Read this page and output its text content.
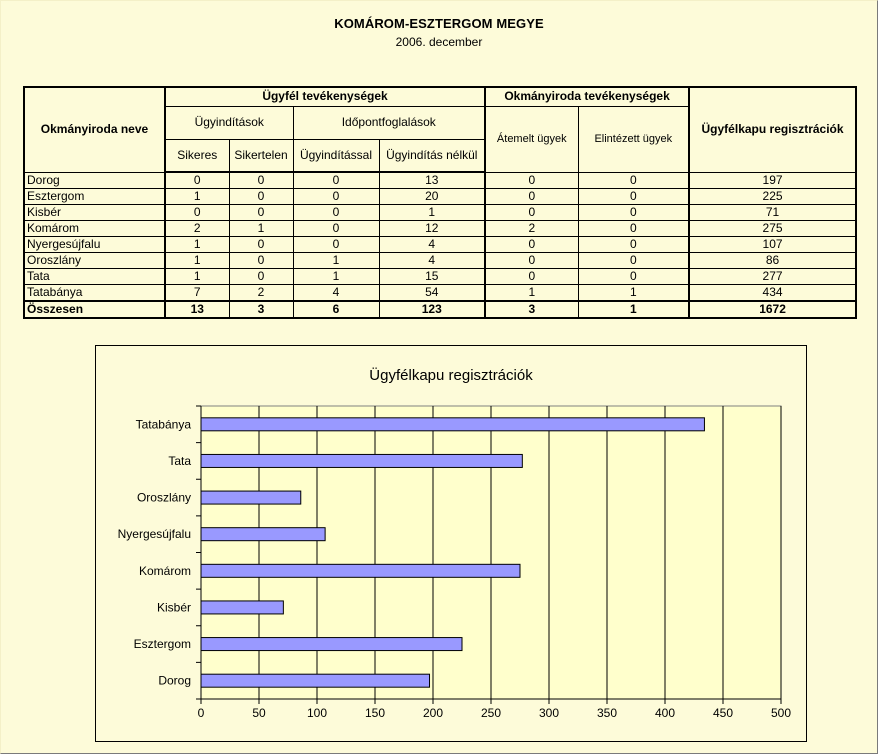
KOMÁROM-ESZTERGOM MEGYE
2006. december
Okmányiroda neve	Ügyfél tevékenységek				Okmányiroda tevékenységek		Ügyfélkapu regisztrációk
	Ügyindítások		Időpontfoglalások		Átemelt ügyek	Elintézett ügyek	
	Sikeres	Sikertelen	Ügyindítással	Ügyindítás nélkül			
Dorog	0	0	0	13	0	0	197
Esztergom	1	0	0	20	0	0	225
Kisbér	0	0	0	1	0	0	71
Komárom	2	1	0	12	2	0	275
Nyergesújfalu	1	0	0	4	0	0	107
Oroszlány	1	0	1	4	0	0	86
Tata	1	0	1	15	0	0	277
Tatabánya	7	2	4	54	1	1	434
Összesen	13	3	6	123	3	1	1672
Ügyfélkapu regisztrációk
0	50	100	150	200	250	300	350	400	450	500
Dorog
Esztergom
Kisbér
Komárom
Nyergesújfalu
Oroszlány
Tata
Tatabánya
